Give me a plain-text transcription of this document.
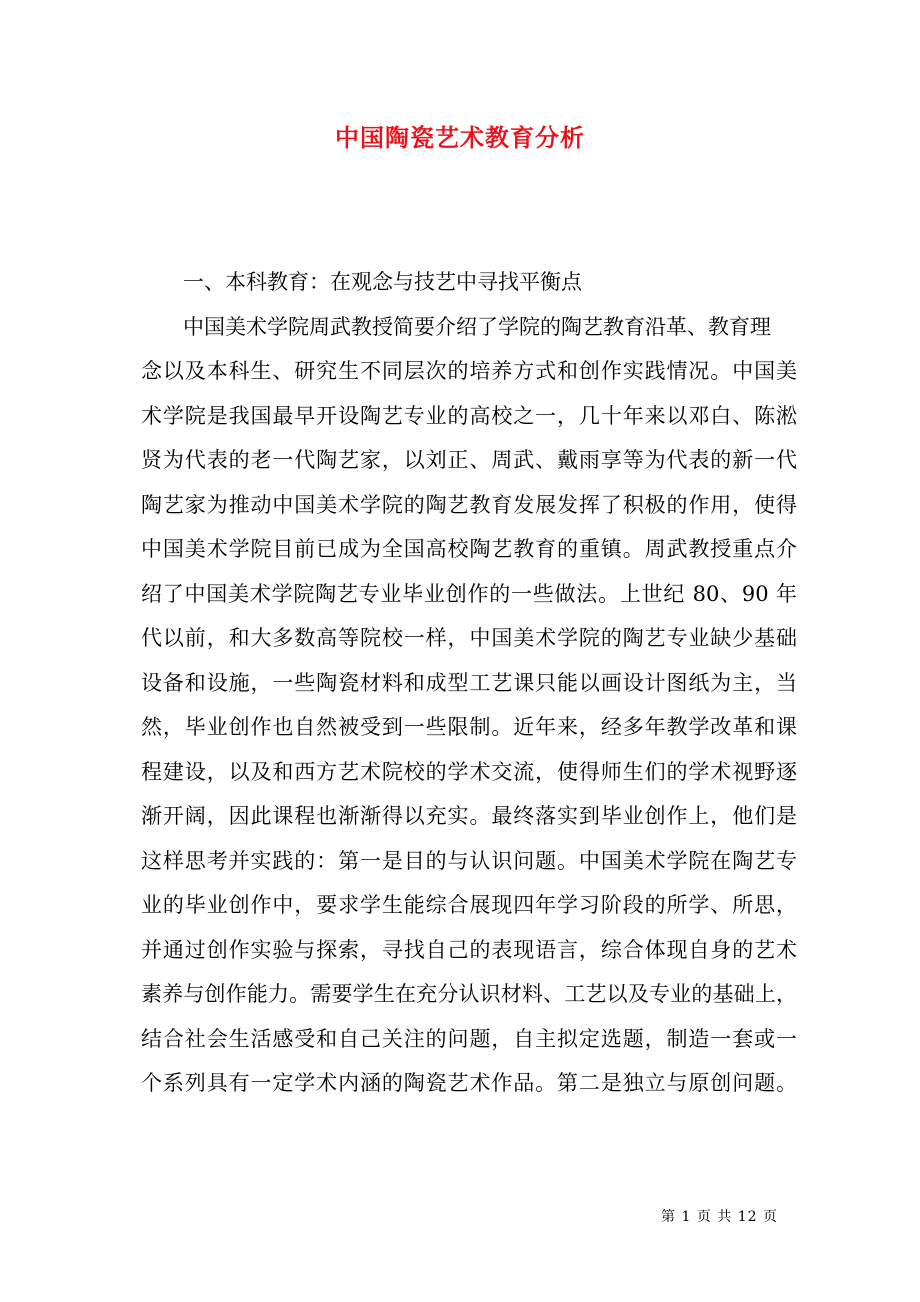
中国陶瓷艺术教育分析
一、本科教育：在观念与技艺中寻找平衡点
中国美术学院周武教授简要介绍了学院的陶艺教育沿革、教育理
念以及本科生、研究生不同层次的培养方式和创作实践情况。中国美
术学院是我国最早开设陶艺专业的高校之一，几十年来以邓白、陈淞
贤为代表的老一代陶艺家，以刘正、周武、戴雨享等为代表的新一代
陶艺家为推动中国美术学院的陶艺教育发展发挥了积极的作用，使得
中国美术学院目前已成为全国高校陶艺教育的重镇。周武教授重点介
绍了中国美术学院陶艺专业毕业创作的一些做法。上世纪 80、90 年
代以前，和大多数高等院校一样，中国美术学院的陶艺专业缺少基础
设备和设施，一些陶瓷材料和成型工艺课只能以画设计图纸为主，当
然，毕业创作也自然被受到一些限制。近年来，经多年教学改革和课
程建设，以及和西方艺术院校的学术交流，使得师生们的学术视野逐
渐开阔，因此课程也渐渐得以充实。最终落实到毕业创作上，他们是
这样思考并实践的：第一是目的与认识问题。中国美术学院在陶艺专
业的毕业创作中，要求学生能综合展现四年学习阶段的所学、所思，
并通过创作实验与探索，寻找自己的表现语言，综合体现自身的艺术
素养与创作能力。需要学生在充分认识材料、工艺以及专业的基础上，
结合社会生活感受和自己关注的问题，自主拟定选题，制造一套或一
个系列具有一定学术内涵的陶瓷艺术作品。第二是独立与原创问题。
第 1 页 共 12 页
